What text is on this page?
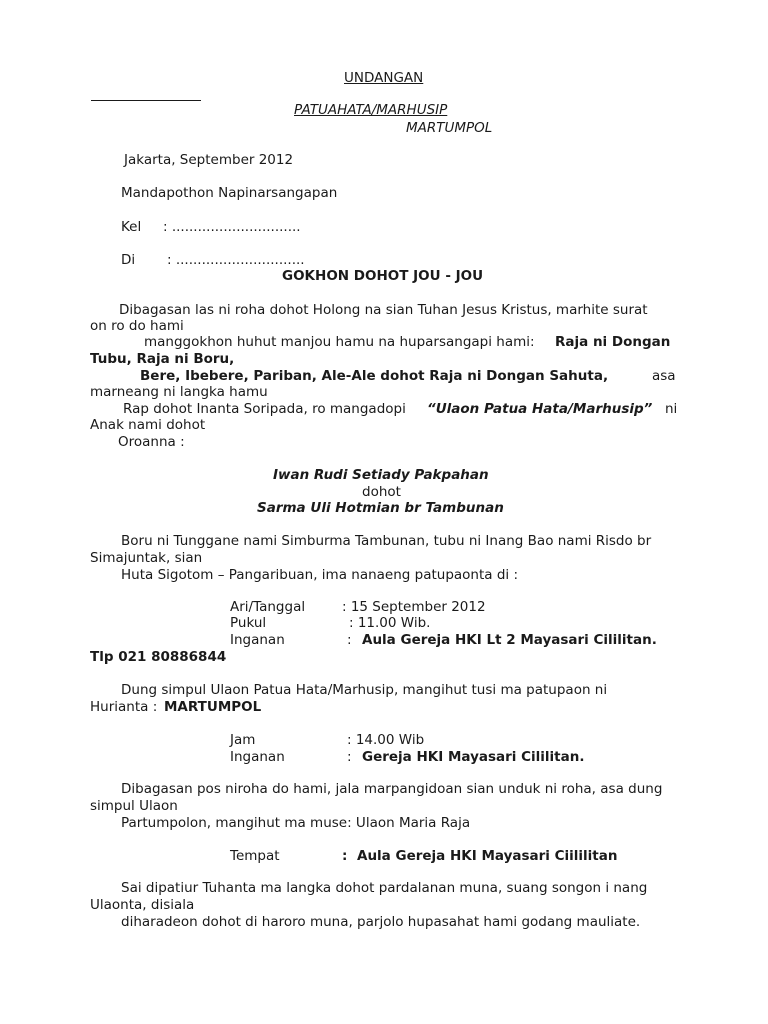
UNDANGAN
PATUAHATA/MARHUSIP
MARTUMPOL
Jakarta, September 2012
Mandapothon Napinarsangapan
Kel : ..............................
Di : ..............................
GOKHON DOHOT JOU - JOU
Dibagasan las ni roha dohot Holong na sian Tuhan Jesus Kristus, marhite surat
on ro do hami
manggokhon huhut manjou hamu na huparsangapi hami: Raja ni Dongan
Tubu, Raja ni Boru,
Bere, Ibebere, Pariban, Ale-Ale dohot Raja ni Dongan Sahuta,	asa
marneang ni langka hamu
Rap dohot Inanta Soripada, ro mangadopi “Ulaon Patua Hata/Marhusip” ni
Anak nami dohot
Oroanna :
Iwan Rudi Setiady Pakpahan
dohot
Sarma Uli Hotmian br Tambunan
Boru ni Tunggane nami Simburma Tambunan, tubu ni Inang Bao nami Risdo br
Simajuntak, sian
Huta Sigotom – Pangaribuan, ima nanaeng patupaonta di :
Ari/Tanggal	: 15 September 2012
Pukul	: 11.00 Wib.
Inganan	: Aula Gereja HKI Lt 2 Mayasari Cililitan.
Tlp 021 80886844
Dung simpul Ulaon Patua Hata/Marhusip, mangihut tusi ma patupaon ni
Hurianta : MARTUMPOL
Jam	: 14.00 Wib
Inganan	: Gereja HKI Mayasari Cililitan.
Dibagasan pos niroha do hami, jala marpangidoan sian unduk ni roha, asa dung
simpul Ulaon
Partumpolon, mangihut ma muse: Ulaon Maria Raja
Tempat	: Aula Gereja HKI Mayasari Ciililitan
Sai dipatiur Tuhanta ma langka dohot pardalanan muna, suang songon i nang
Ulaonta, disiala
diharadeon dohot di haroro muna, parjolo hupasahat hami godang mauliate.
